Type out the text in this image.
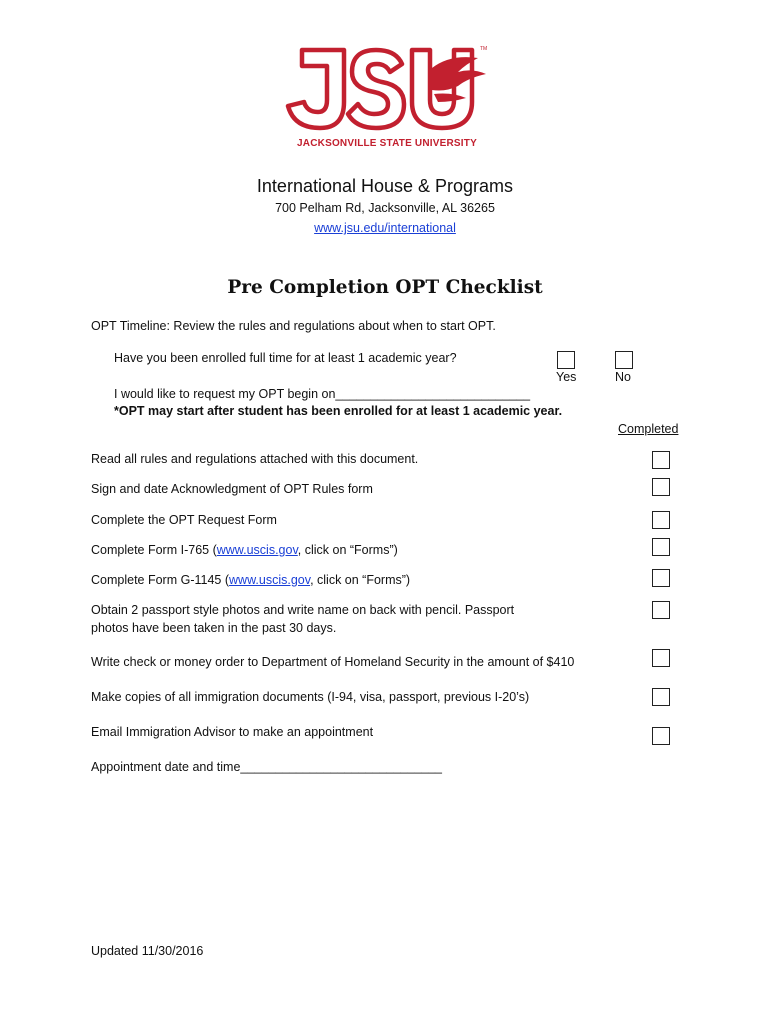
TM
JACKSONVILLE STATE UNIVERSITY
International House & Programs
700 Pelham Rd, Jacksonville, AL 36265
www.jsu.edu/international
Pre Completion OPT Checklist
OPT Timeline: Review the rules and regulations about when to start OPT.
Have you been enrolled full time for at least 1 academic year?
Yes	No
I would like to request my OPT begin on____________________________
*OPT may start after student has been enrolled for at least 1 academic year.
Completed
Read all rules and regulations attached with this document.
Sign and date Acknowledgment of OPT Rules form
Complete the OPT Request Form
Complete Form I-765 (www.uscis.gov, click on “Forms”)
Complete Form G-1145 (www.uscis.gov, click on “Forms”)
Obtain 2 passport style photos and write name on back with pencil. Passport
photos have been taken in the past 30 days.
Write check or money order to Department of Homeland Security in the amount of $410
Make copies of all immigration documents (I-94, visa, passport, previous I-20’s)
Email Immigration Advisor to make an appointment
Appointment date and time_____________________________
Updated 11/30/2016
